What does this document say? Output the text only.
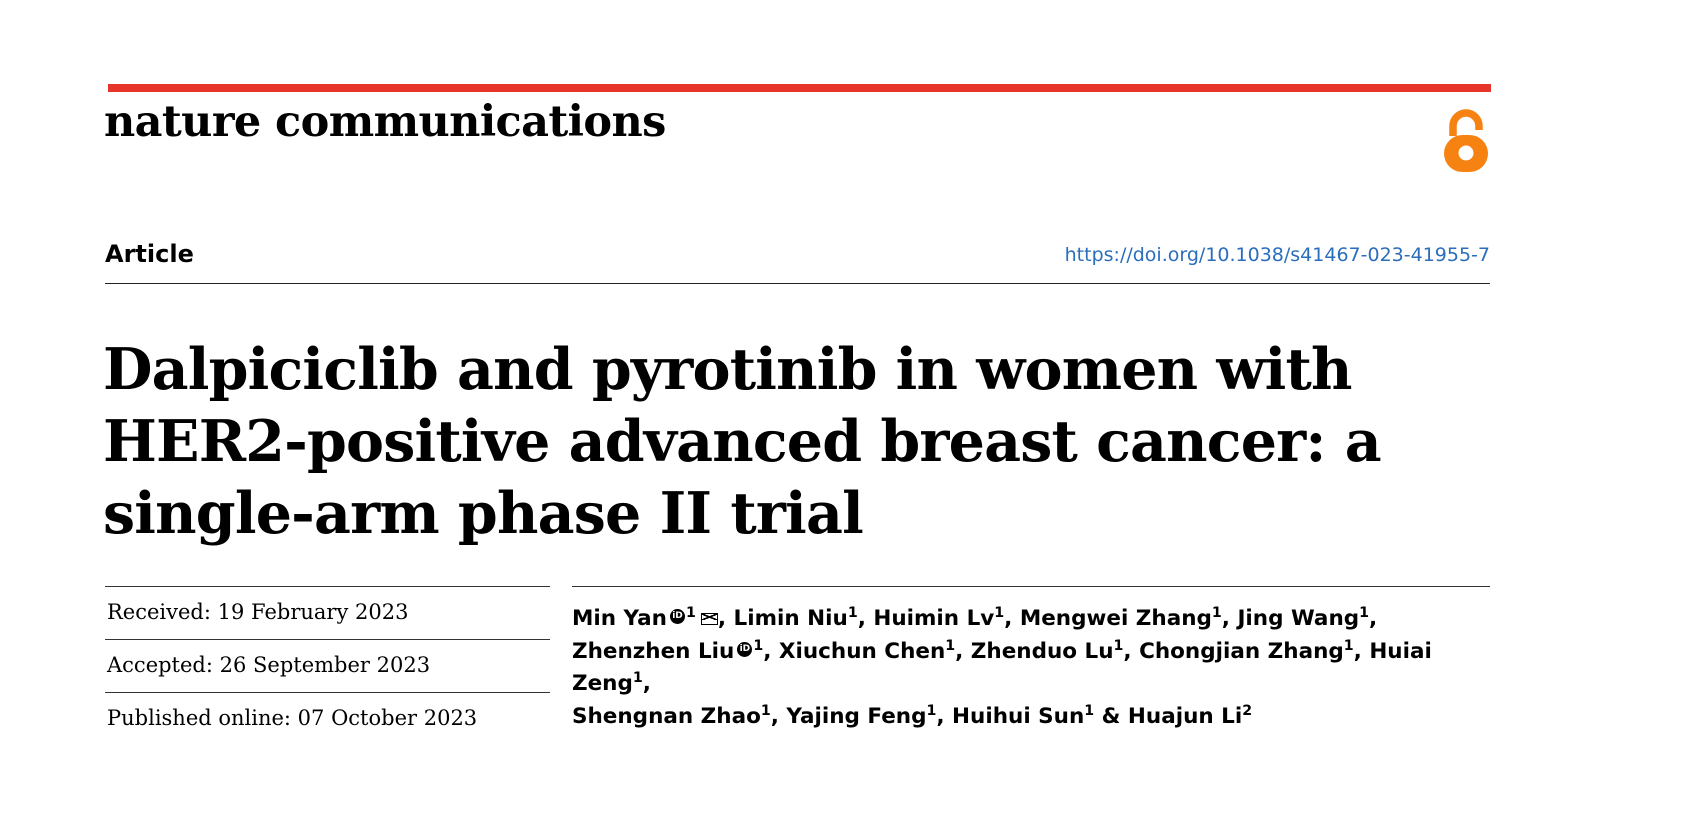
nature communications
Article	https://doi.org/10.1038/s41467-023-41955-7
Dalpiciclib and pyrotinib in women with HER2-positive advanced breast cancer: a single-arm phase II trial
Received: 19 February 2023
Accepted: 26 September 2023
Published online: 07 October 2023
Min Yan iD $^1$ , Limin Niu$^1$, Huimin Lv$^1$, Mengwei Zhang$^1$, Jing Wang$^1$,
Zhenzhen Liu iD $^1$, Xiuchun Chen$^1$, Zhenduo Lu$^1$, Chongjian Zhang$^1$, Huiai Zeng$^1$,
Shengnan Zhao$^1$, Yajing Feng$^1$, Huihui Sun$^1$ & Huajun Li$^2$
